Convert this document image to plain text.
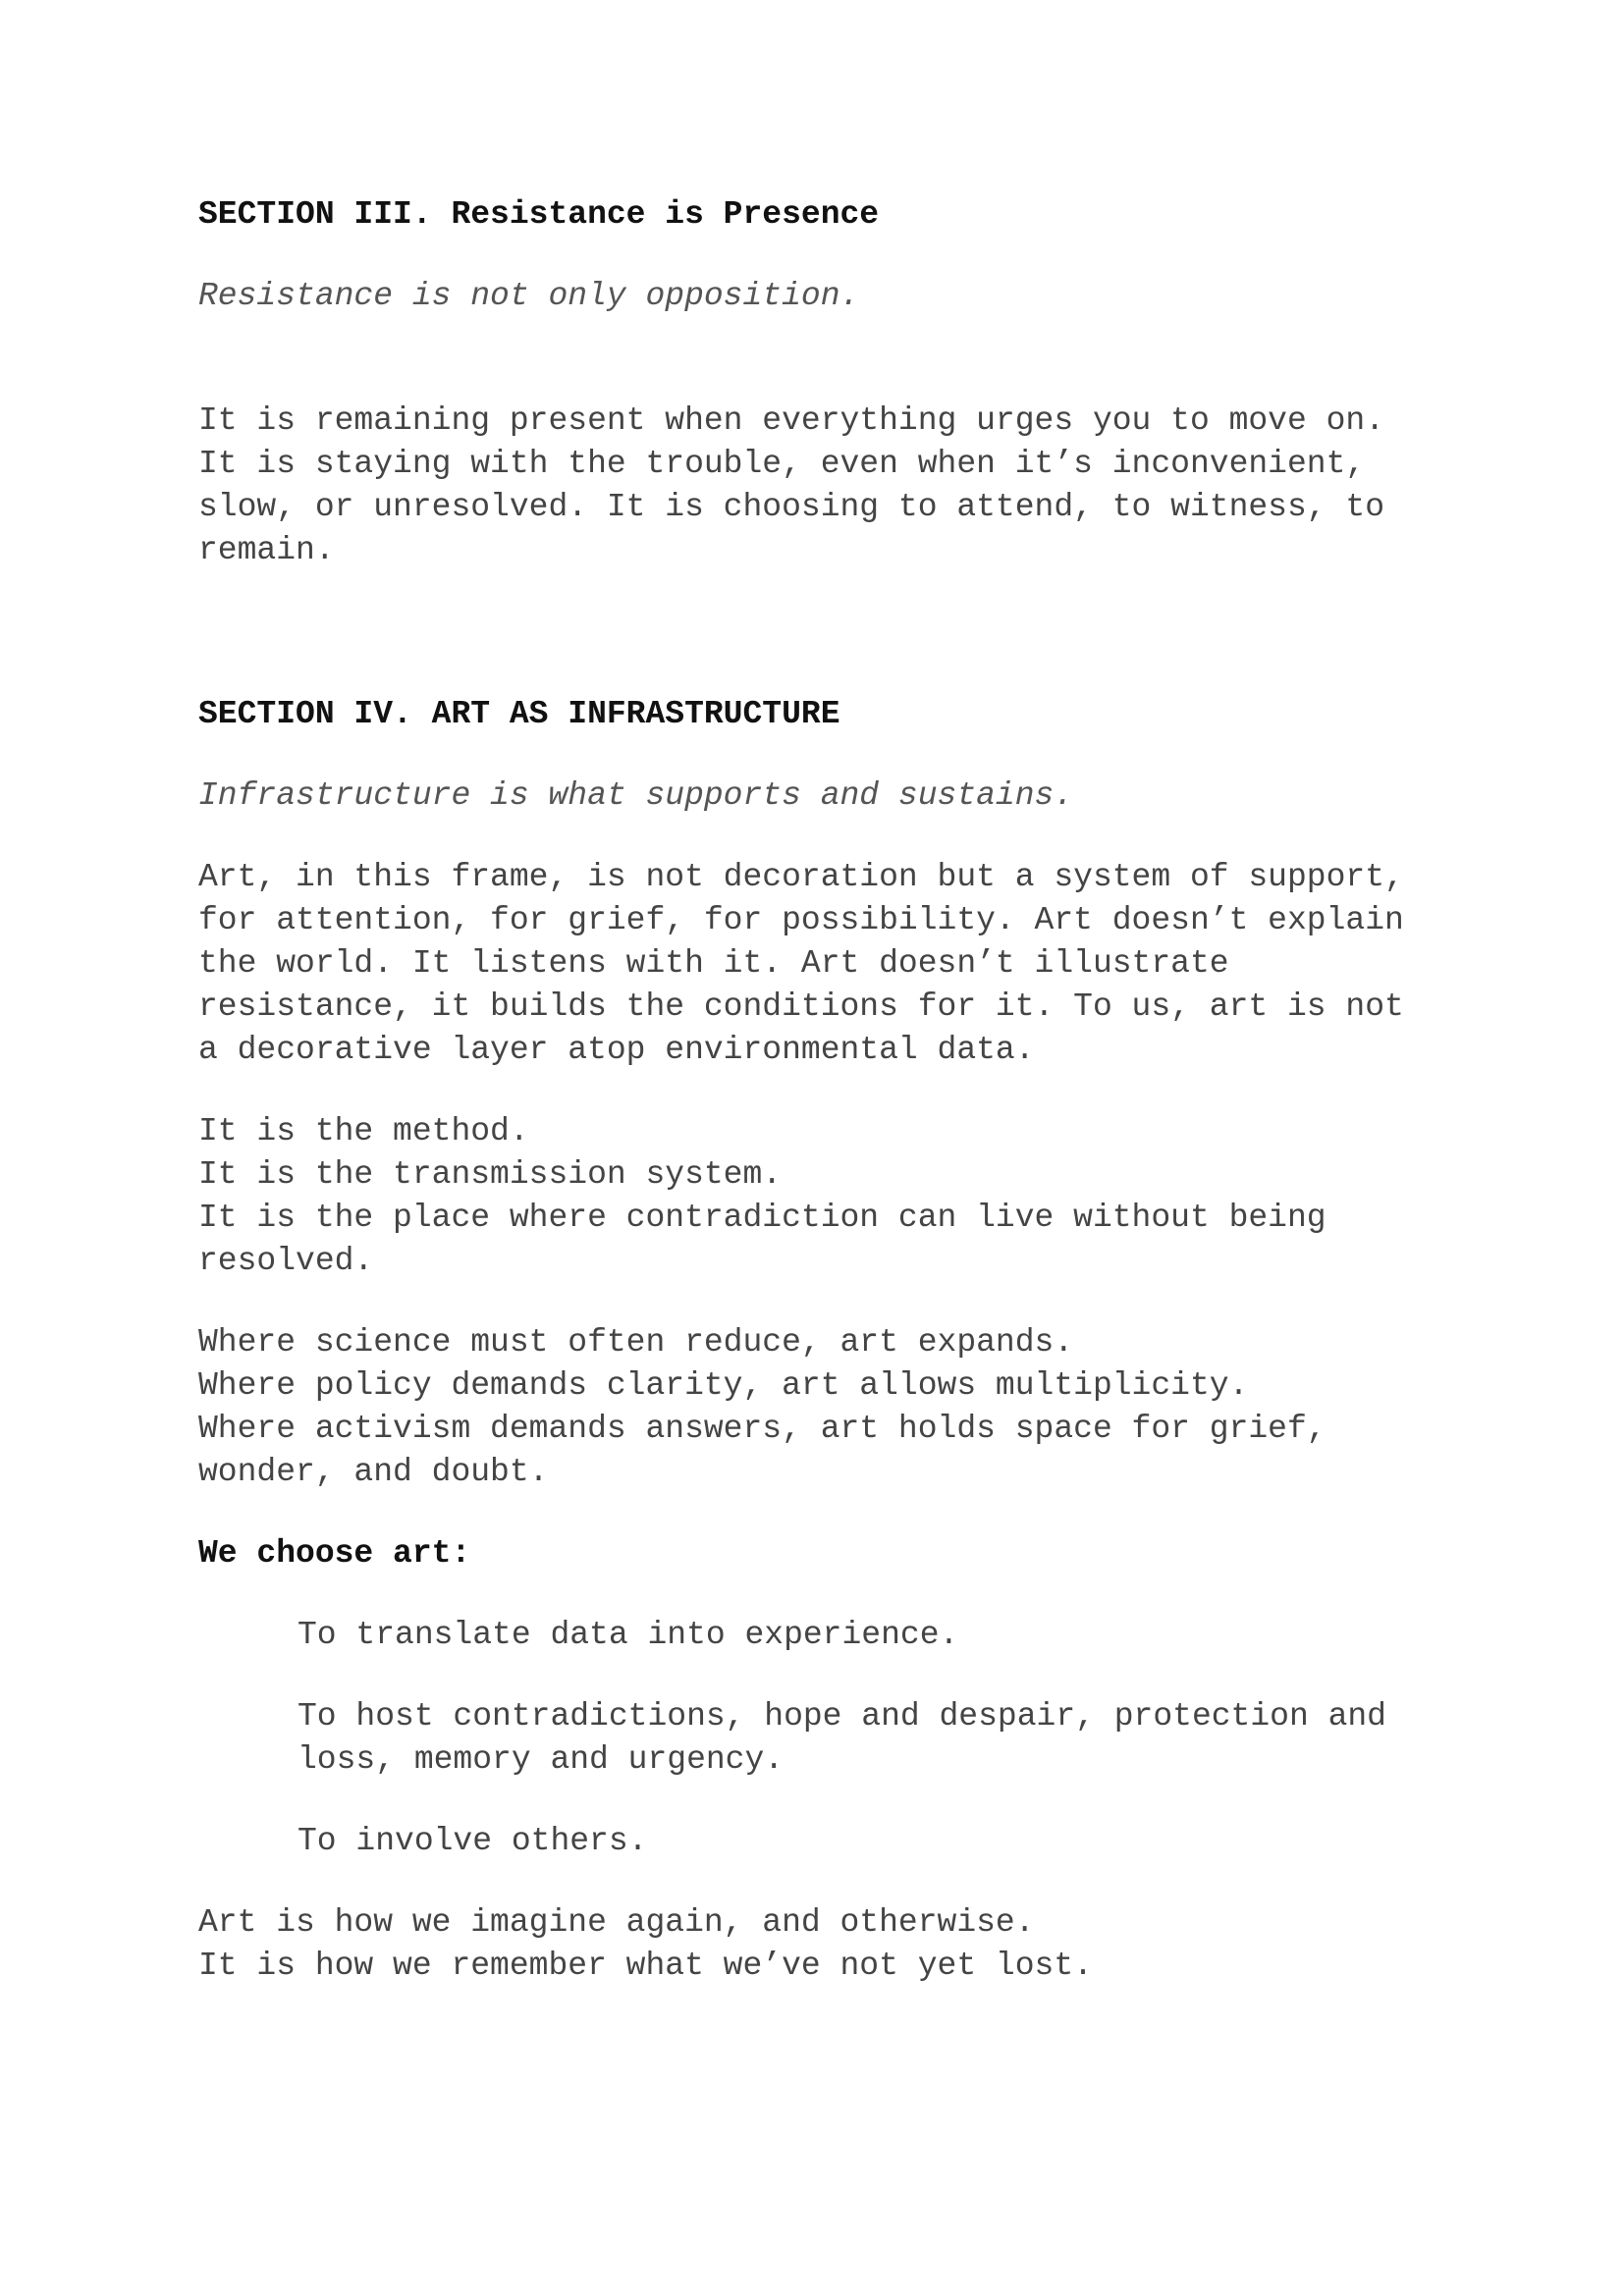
SECTION III. Resistance is Presence

Resistance is not only opposition.

It is remaining present when everything urges you to move on.

It is staying with the trouble, even when it’s inconvenient,

slow, or unresolved. It is choosing to attend, to witness, to

remain.

SECTION IV. ART AS INFRASTRUCTURE

Infrastructure is what supports and sustains.

Art, in this frame, is not decoration but a system of support,

for attention, for grief, for possibility. Art doesn’t explain

the world. It listens with it. Art doesn’t illustrate

resistance, it builds the conditions for it. To us, art is not

a decorative layer atop environmental data.

It is the method.

It is the transmission system.

It is the place where contradiction can live without being

resolved.

Where science must often reduce, art expands.

Where policy demands clarity, art allows multiplicity.

Where activism demands answers, art holds space for grief,

wonder, and doubt.

We choose art:

To translate data into experience.

To host contradictions, hope and despair, protection and

loss, memory and urgency.

To involve others.

Art is how we imagine again, and otherwise.

It is how we remember what we’ve not yet lost.
